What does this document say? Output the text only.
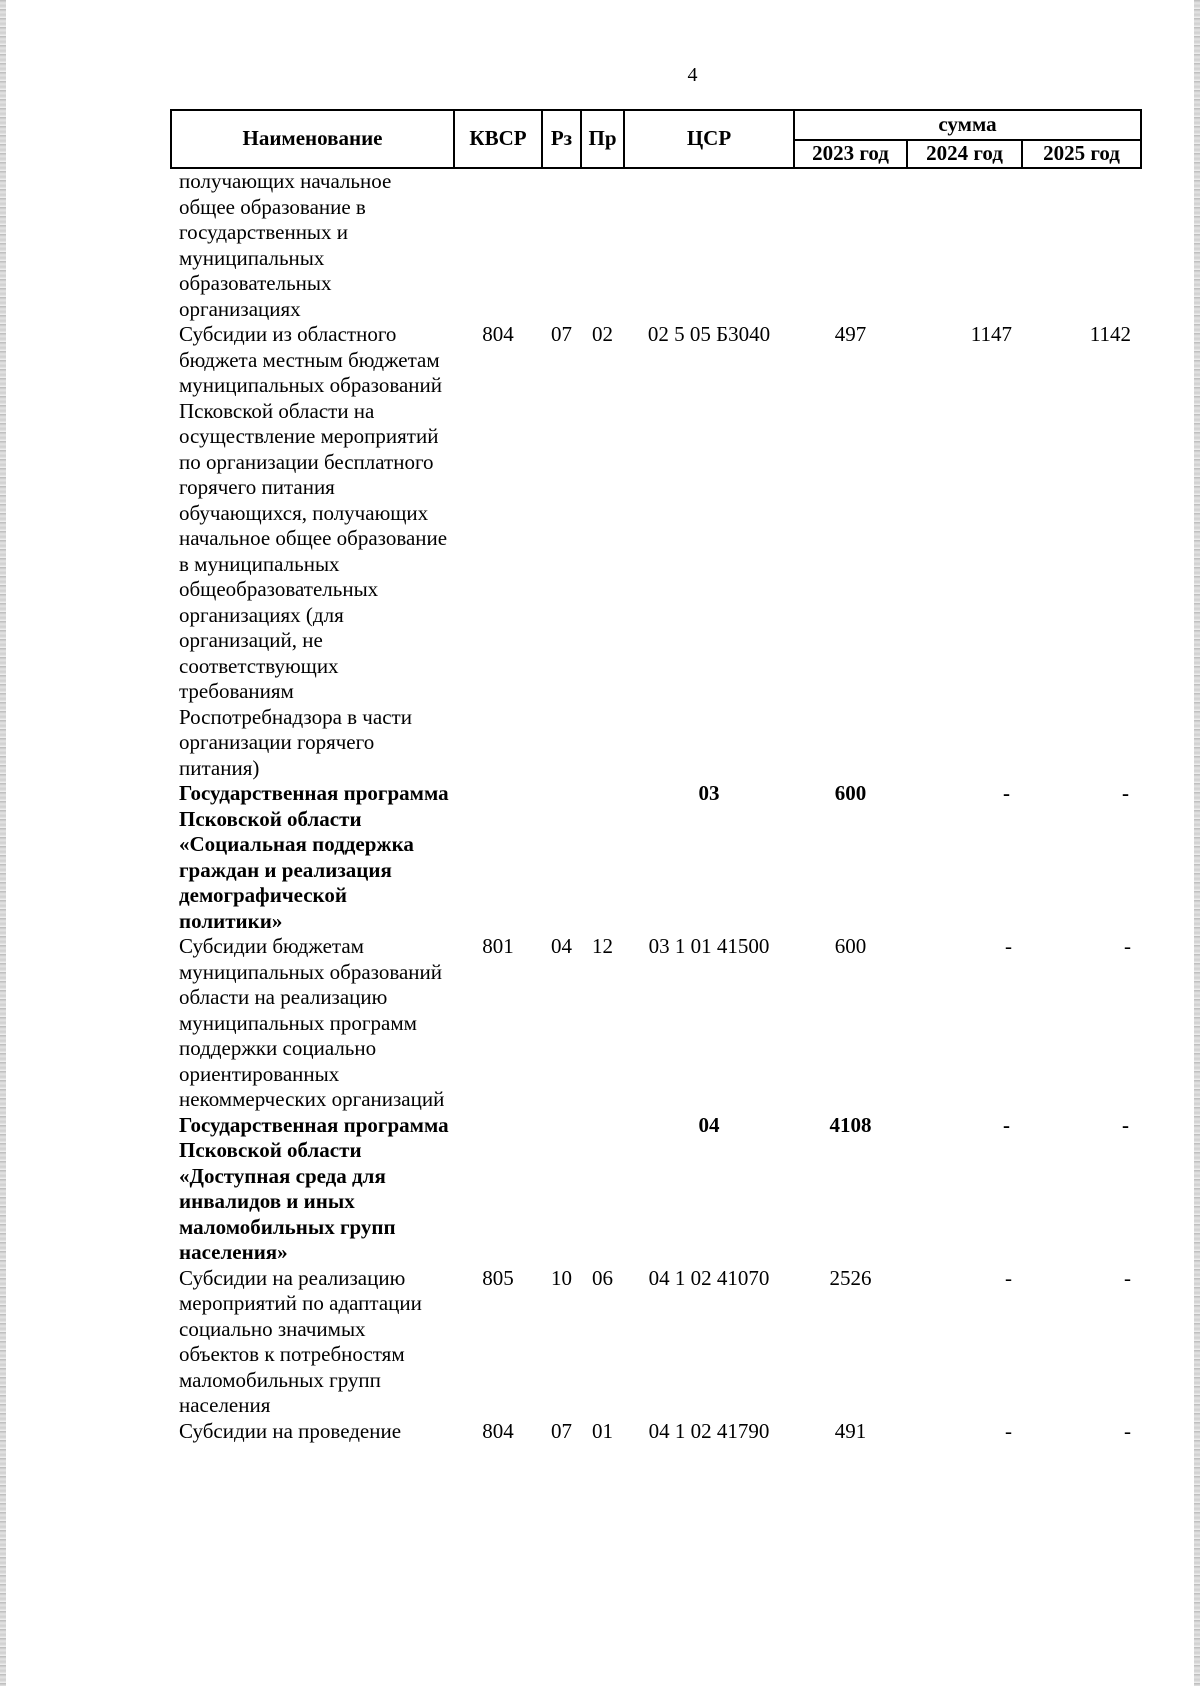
4
Наименование	КВСР	Рз	Пр	ЦСР	сумма		
					2023 год	2024 год	2025 год
получающих начальное общее образование в государственных и муниципальных образовательных организациях							
Субсидии из областного бюджета местным бюджетам муниципальных образований Псковской области на осуществление мероприятий по организации бесплатного горячего питания обучающихся, получающих начальное общее образование в муниципальных общеобразовательных организациях (для организаций, не соответствующих требованиям Роспотребнадзора в части организации горячего питания)	804	07	02	02 5 05 Б3040	497	1147	1142
Государственная программа Псковской области «Социальная поддержка граждан и реализация демографической политики»				03	600	-	-
Субсидии бюджетам муниципальных образований области на реализацию муниципальных программ поддержки социально ориентированных некоммерческих организаций	801	04	12	03 1 01 41500	600	-	-
Государственная программа Псковской области «Доступная среда для инвалидов и иных маломобильных групп населения»				04	4108	-	-
Субсидии на реализацию мероприятий по адаптации социально значимых объектов к потребностям маломобильных групп населения	805	10	06	04 1 02 41070	2526	-	-
Субсидии на проведение	804	07	01	04 1 02 41790	491	-	-
